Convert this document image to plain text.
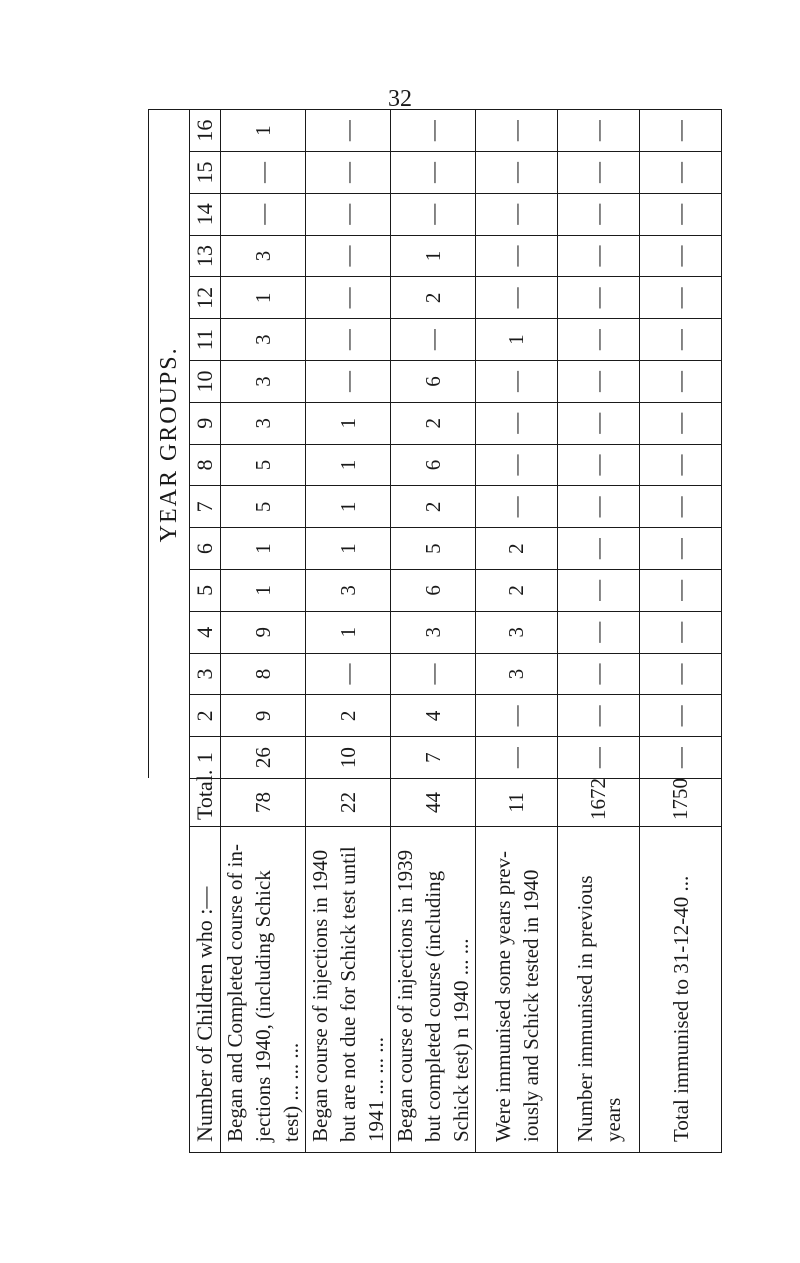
32
		YEAR GROUPS.															
Number of Children who :—	Total.	1	2	3	4	5	6	7	8	9	10	11	12	13	14	15	16
Began and Completed course of in-jections 1940, (including Schick test) ... ... ...	78	26	9	8	9	1	1	5	5	3	3	3	1	3	—	—	1
Began course of injections in 1940 but are not due for Schick test until 1941 ... ... ...	22	10	2	—	1	3	1	1	1	1	—	—	—	—	—	—	—
Began course of injections in 1939 but completed course (including Schick test) n 1940 ... ...	44	7	4	—	3	6	5	2	6	2	6	—	2	1	—	—	—
Were immunised some years prev-iously and Schick tested in 1940	11	—	—	3	3	2	2	—	—	—	—	1	—	—	—	—	—
Number immunised in previous years	1672	—	—	—	—	—	—	—	—	—	—	—	—	—	—	—	—
Total immunised to 31-12-40 ...	1750	—	—	—	—	—	—	—	—	—	—	—	—	—	—	—	—
